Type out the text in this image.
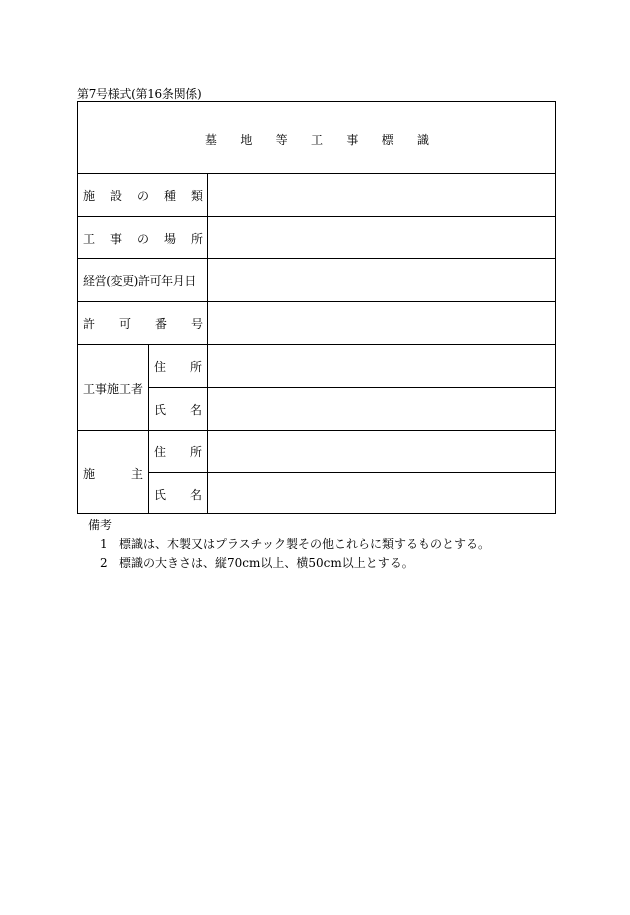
第7号様式(第16条関係)
墓 地 等 工 事 標 識
施 設 の 種 類
工 事 の 場 所
経営(変更)許可年月日
許 可 番 号
工事施工者
住 所
氏 名
施	主
住 所
氏 名
備考
1 標識は、木製又はプラスチック製その他これらに類するものとする。
2 標識の大きさは、縦70cm以上、横50cm以上とする。
